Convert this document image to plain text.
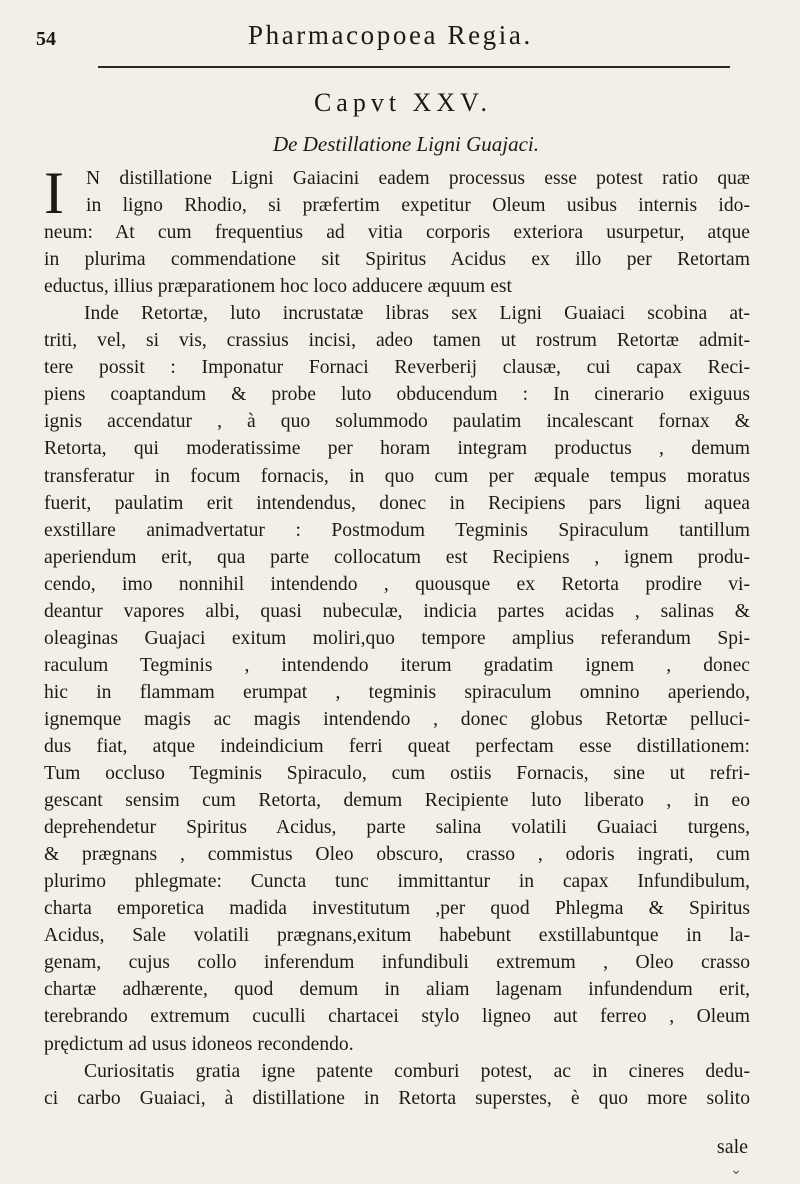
54	Pharmacopoea Regia.
Capvt XXV.
De Destillatione Ligni Guajaci.
I	N distillatione Ligni Gaiacini eadem processus esse potest ratio quæ
in ligno Rhodio, si præfertim expetitur Oleum usibus internis ido-
neum: At cum frequentius ad vitia corporis exteriora usurpetur, atque
in plurima commendatione sit Spiritus Acidus ex illo per Retortam
eductus, illius præparationem hoc loco adducere æquum est
Inde Retortæ, luto incrustatæ libras sex Ligni Guaiaci scobina at-
triti, vel, si vis, crassius incisi, adeo tamen ut rostrum Retortæ admit-
tere possit : Imponatur Fornaci Reverberij clausæ, cui capax Reci-
piens coaptandum & probe luto obducendum : In cinerario exiguus
ignis accendatur , à quo solummodo paulatim incalescant fornax &
Retorta, qui moderatissime per horam integram productus , demum
transferatur in focum fornacis, in quo cum per æquale tempus moratus
fuerit, paulatim erit intendendus, donec in Recipiens pars ligni aquea
exstillare animadvertatur : Postmodum Tegminis Spiraculum tantillum
aperiendum erit, qua parte collocatum est Recipiens , ignem produ-
cendo, imo nonnihil intendendo , quousque ex Retorta prodire vi-
deantur vapores albi, quasi nubeculæ, indicia partes acidas , salinas &
oleaginas Guajaci exitum moliri,quo tempore amplius referandum Spi-
raculum Tegminis , intendendo iterum gradatim ignem , donec
hic in flammam erumpat , tegminis spiraculum omnino aperiendo,
ignemque magis ac magis intendendo , donec globus Retortæ pelluci-
dus fiat, atque indeindicium ferri queat perfectam esse distillationem:
Tum occluso Tegminis Spiraculo, cum ostiis Fornacis, sine ut refri-
gescant sensim cum Retorta, demum Recipiente luto liberato , in eo
deprehendetur Spiritus Acidus, parte salina volatili Guaiaci turgens,
& prægnans , commistus Oleo obscuro, crasso , odoris ingrati, cum
plurimo phlegmate: Cuncta tunc immittantur in capax Infundibulum,
charta emporetica madida investitutum ,per quod Phlegma & Spiritus
Acidus, Sale volatili prægnans,exitum habebunt exstillabuntque in la-
genam, cujus collo inferendum infundibuli extremum , Oleo crasso
chartæ adhærente, quod demum in aliam lagenam infundendum erit,
terebrando extremum cuculli chartacei stylo ligneo aut ferreo , Oleum
prędictum ad usus idoneos recondendo.
Curiositatis gratia igne patente comburi potest, ac in cineres dedu-
ci carbo Guaiaci, à distillatione in Retorta superstes, è quo more solito
sale
⌄
